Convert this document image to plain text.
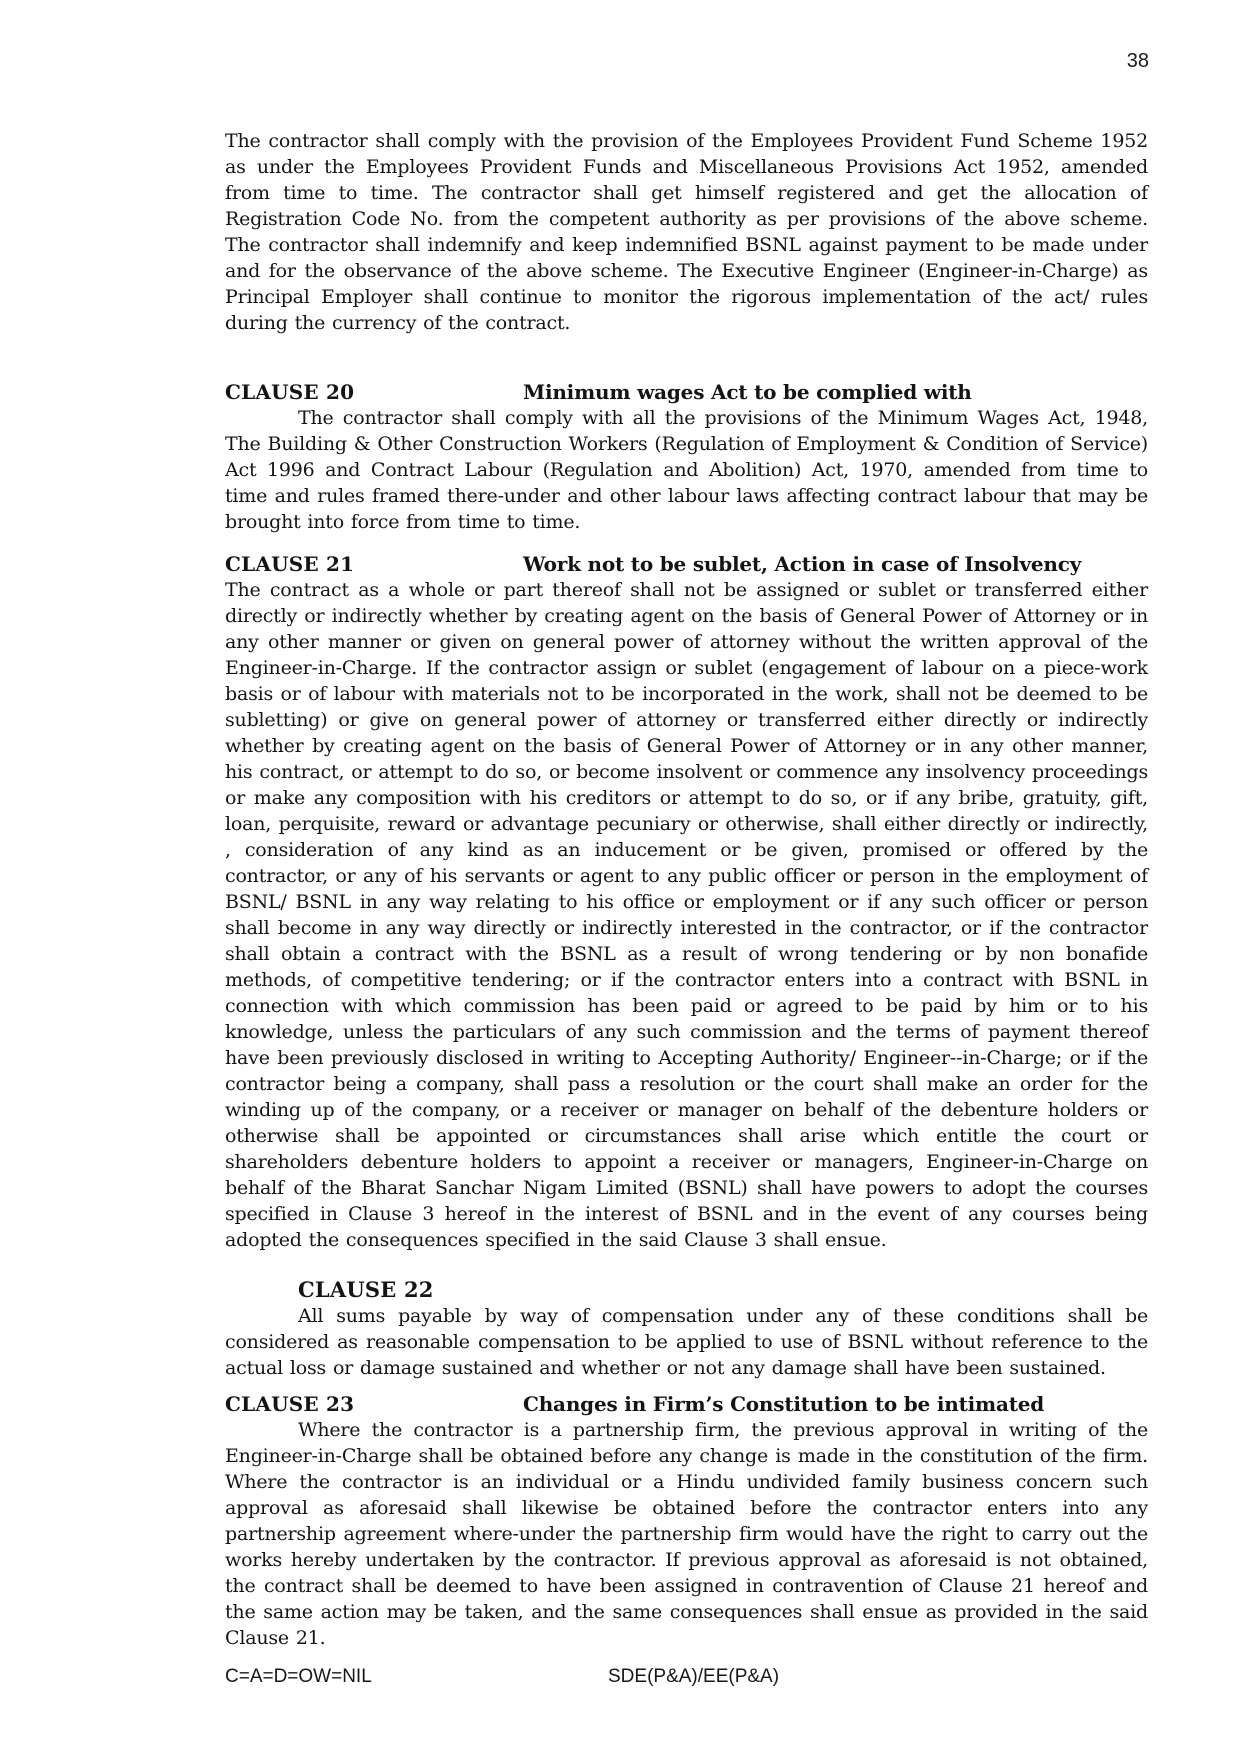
38

The contractor shall comply with the provision of the Employees Provident Fund Scheme 1952 as under the Employees Provident Funds and Miscellaneous Provisions Act 1952, amended from time to time. The contractor shall get himself registered and get the allocation of Registration Code No. from the competent authority as per provisions of the above scheme. The contractor shall indemnify and keep indemnified BSNL against payment to be made under and for the observance of the above scheme. The Executive Engineer (Engineer-in-Charge) as Principal Employer shall continue to monitor the rigorous implementation of the act/ rules during the currency of the contract.

CLAUSE 20	Minimum wages Act to be complied with

The contractor shall comply with all the provisions of the Minimum Wages Act, 1948, The Building & Other Construction Workers (Regulation of Employment & Condition of Service) Act 1996 and Contract Labour (Regulation and Abolition) Act, 1970, amended from time to time and rules framed there-under and other labour laws affecting contract labour that may be brought into force from time to time.

CLAUSE 21	Work not to be sublet, Action in case of Insolvency

The contract as a whole or part thereof shall not be assigned or sublet or transferred either directly or indirectly whether by creating agent on the basis of General Power of Attorney or in any other manner or given on general power of attorney without the written approval of the Engineer-in-Charge. If the contractor assign or sublet (engagement of labour on a piece-work basis or of labour with materials not to be incorporated in the work, shall not be deemed to be subletting) or give on general power of attorney or transferred either directly or indirectly whether by creating agent on the basis of General Power of Attorney or in any other manner, his contract, or attempt to do so, or become insolvent or commence any insolvency proceedings or make any composition with his creditors or attempt to do so, or if any bribe, gratuity, gift, loan, perquisite, reward or advantage pecuniary or otherwise, shall either directly or indirectly, , consideration of any kind as an inducement or be given, promised or offered by the contractor, or any of his servants or agent to any public officer or person in the employment of BSNL/ BSNL in any way relating to his office or employment or if any such officer or person shall become in any way directly or indirectly interested in the contractor, or if the contractor shall obtain a contract with the BSNL as a result of wrong tendering or by non bonafide methods, of competitive tendering; or if the contractor enters into a contract with BSNL in connection with which commission has been paid or agreed to be paid by him or to his knowledge, unless the particulars of any such commission and the terms of payment thereof have been previously disclosed in writing to Accepting Authority/ Engineer--in-Charge; or if the contractor being a company, shall pass a resolution or the court shall make an order for the winding up of the company, or a receiver or manager on behalf of the debenture holders or otherwise shall be appointed or circumstances shall arise which entitle the court or shareholders debenture holders to appoint a receiver or managers, Engineer-in-Charge on behalf of the Bharat Sanchar Nigam Limited (BSNL) shall have powers to adopt the courses specified in Clause 3 hereof in the interest of BSNL and in the event of any courses being adopted the consequences specified in the said Clause 3 shall ensue.

CLAUSE 22

All sums payable by way of compensation under any of these conditions shall be considered as reasonable compensation to be applied to use of BSNL without reference to the actual loss or damage sustained and whether or not any damage shall have been sustained.

CLAUSE 23	Changes in Firm’s Constitution to be intimated

Where the contractor is a partnership firm, the previous approval in writing of the Engineer-in-Charge shall be obtained before any change is made in the constitution of the firm. Where the contractor is an individual or a Hindu undivided family business concern such approval as aforesaid shall likewise be obtained before the contractor enters into any partnership agreement where-under the partnership firm would have the right to carry out the works hereby undertaken by the contractor. If previous approval as aforesaid is not obtained, the contract shall be deemed to have been assigned in contravention of Clause 21 hereof and the same action may be taken, and the same consequences shall ensue as provided in the said Clause 21.

C=A=D=OW=NIL	SDE(P&A)/EE(P&A)
